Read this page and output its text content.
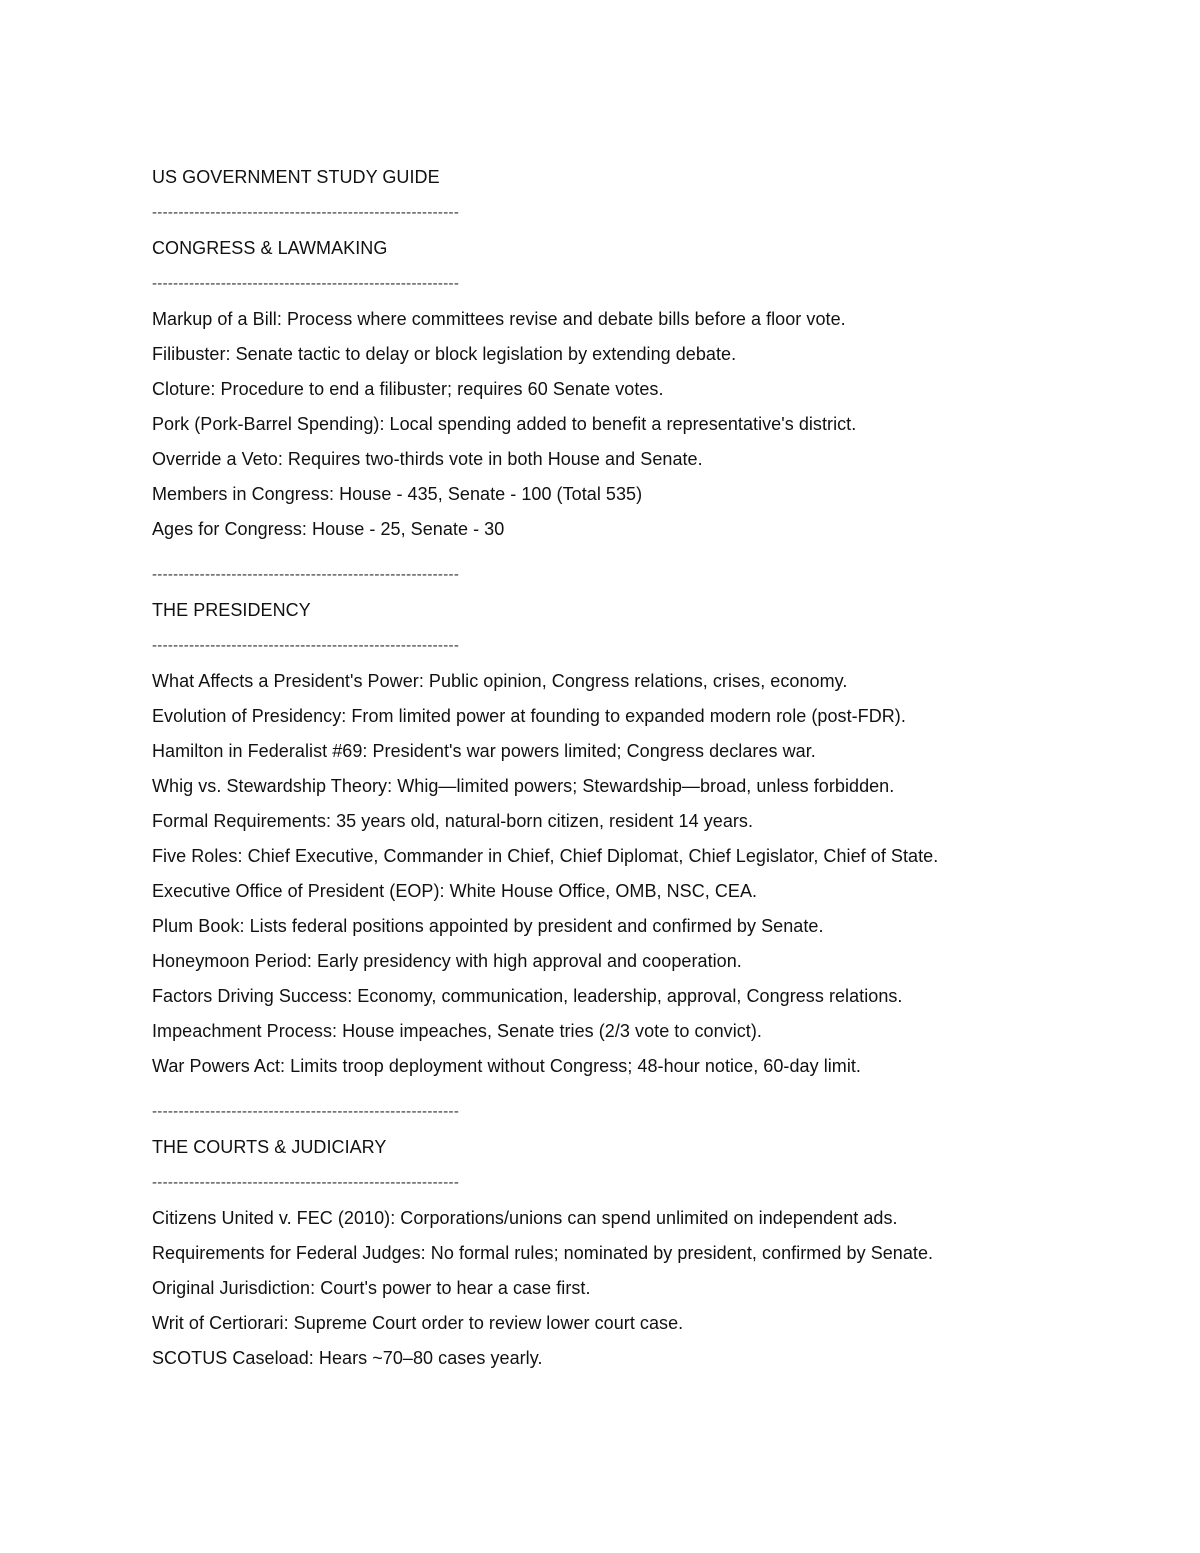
US GOVERNMENT STUDY GUIDE
----------------------------------------------------------
CONGRESS & LAWMAKING
----------------------------------------------------------
Markup of a Bill: Process where committees revise and debate bills before a floor vote.
Filibuster: Senate tactic to delay or block legislation by extending debate.
Cloture: Procedure to end a filibuster; requires 60 Senate votes.
Pork (Pork-Barrel Spending): Local spending added to benefit a representative's district.
Override a Veto: Requires two-thirds vote in both House and Senate.
Members in Congress: House - 435, Senate - 100 (Total 535)
Ages for Congress: House - 25, Senate - 30
----------------------------------------------------------
THE PRESIDENCY
----------------------------------------------------------
What Affects a President's Power: Public opinion, Congress relations, crises, economy.
Evolution of Presidency: From limited power at founding to expanded modern role (post-FDR).
Hamilton in Federalist #69: President's war powers limited; Congress declares war.
Whig vs. Stewardship Theory: Whig—limited powers; Stewardship—broad, unless forbidden.
Formal Requirements: 35 years old, natural-born citizen, resident 14 years.
Five Roles: Chief Executive, Commander in Chief, Chief Diplomat, Chief Legislator, Chief of State.
Executive Office of President (EOP): White House Office, OMB, NSC, CEA.
Plum Book: Lists federal positions appointed by president and confirmed by Senate.
Honeymoon Period: Early presidency with high approval and cooperation.
Factors Driving Success: Economy, communication, leadership, approval, Congress relations.
Impeachment Process: House impeaches, Senate tries (2/3 vote to convict).
War Powers Act: Limits troop deployment without Congress; 48-hour notice, 60-day limit.
----------------------------------------------------------
THE COURTS & JUDICIARY
----------------------------------------------------------
Citizens United v. FEC (2010): Corporations/unions can spend unlimited on independent ads.
Requirements for Federal Judges: No formal rules; nominated by president, confirmed by Senate.
Original Jurisdiction: Court's power to hear a case first.
Writ of Certiorari: Supreme Court order to review lower court case.
SCOTUS Caseload: Hears ~70–80 cases yearly.
